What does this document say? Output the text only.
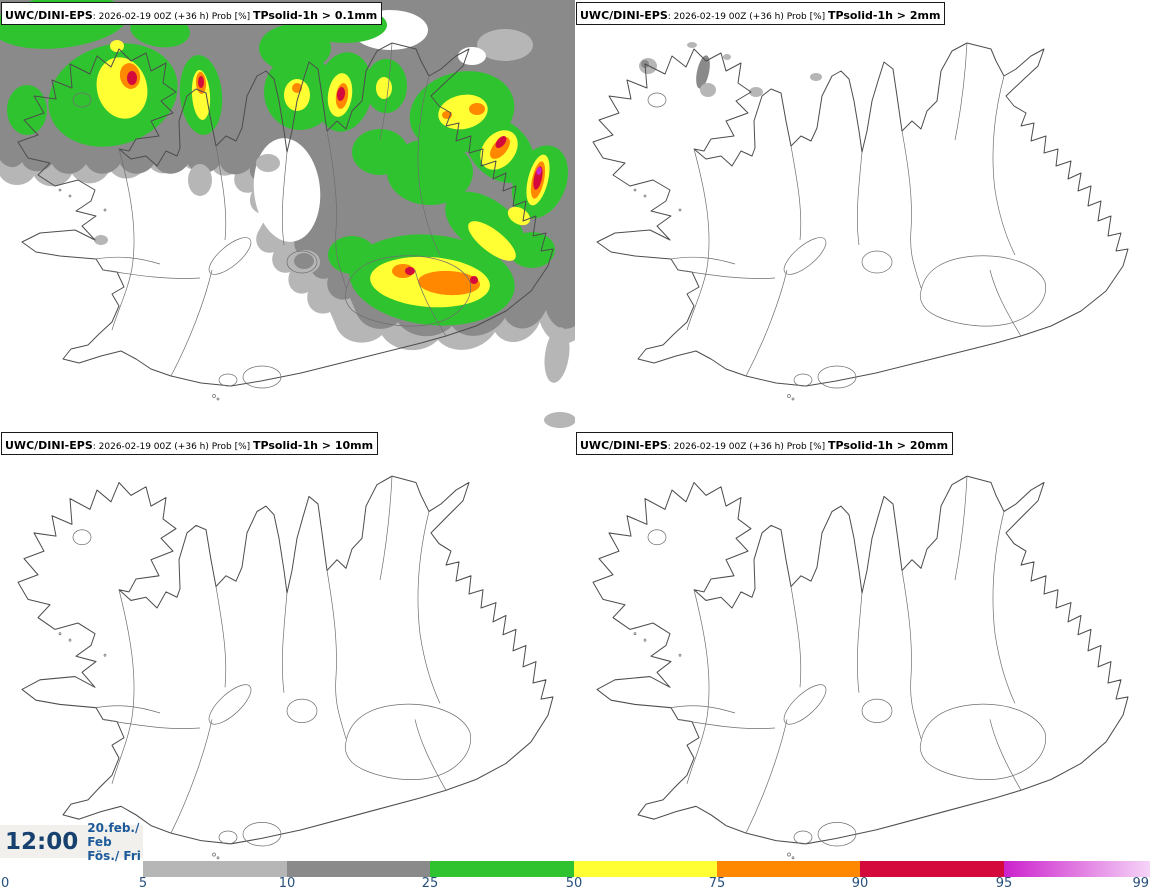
UWC/DINI-EPS: 2026-02-19 00Z (+36 h) Prob [%] TPsolid-1h > 0.1mm	UWC/DINI-EPS: 2026-02-19 00Z (+36 h) Prob [%] TPsolid-1h > 2mm
UWC/DINI-EPS: 2026-02-19 00Z (+36 h) Prob [%] TPsolid-1h > 10mm	UWC/DINI-EPS: 2026-02-19 00Z (+36 h) Prob [%] TPsolid-1h > 20mm
12:00
20.feb./ Feb
Fös./ Fri
0	5	10	25	50	75	90	95	99
